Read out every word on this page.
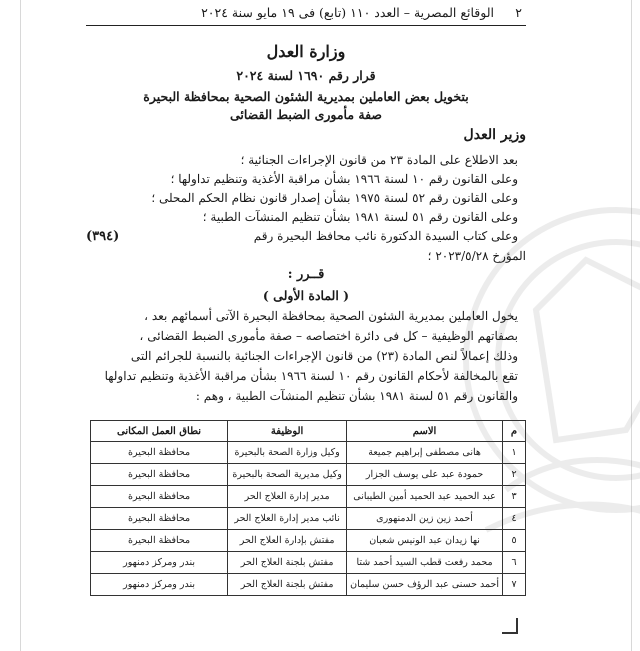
٢
الوقائع المصرية – العدد ١١٠ (تابع) فى ١٩ مايو سنة ٢٠٢٤
وزارة العدل
قرار رقم ١٦٩٠ لسنة ٢٠٢٤
بتخويل بعض العاملين بمديرية الشئون الصحية بمحافظة البحيرة
صفة مأمورى الضبط القضائى
وزير العدل
بعد الاطلاع على المادة ٢٣ من قانون الإجراءات الجنائية ؛
وعلى القانون رقم ١٠ لسنة ١٩٦٦ بشأن مراقبة الأغذية وتنظيم تداولها ؛
وعلى القانون رقم ٥٢ لسنة ١٩٧٥ بشأن إصدار قانون نظام الحكم المحلى ؛
وعلى القانون رقم ٥١ لسنة ١٩٨١ بشأن تنظيم المنشآت الطبية ؛
وعلى كتاب السيدة الدكتورة نائب محافظ البحيرة رقم
(٣٩٤)
المؤرخ ٢٠٢٣/٥/٢٨ ؛
قــرر :
( المادة الأولى )
يخول العاملين بمديرية الشئون الصحية بمحافظة البحيرة الآتى أسمائهم بعد ،
بصفاتهم الوظيفية – كل فى دائرة اختصاصه – صفة مأمورى الضبط القضائى ،
وذلك إعمالاً لنص المادة (٢٣) من قانون الإجراءات الجنائية بالنسبة للجرائم التى
تقع بالمخالفة لأحكام القانون رقم ١٠ لسنة ١٩٦٦ بشأن مراقبة الأغذية وتنظيم تداولها
والقانون رقم ٥١ لسنة ١٩٨١ بشأن تنظيم المنشآت الطبية ، وهم :
م	الاسم	الوظيفة	نطاق العمل المكانى
١	هانى مصطفى إبراهيم جميعة	وكيل وزارة الصحة بالبحيرة	محافظة البحيرة
٢	حمودة عبد على يوسف الجزار	وكيل مديرية الصحة بالبحيرة	محافظة البحيرة
٣	عبد الحميد عبد الحميد أمين الطيبانى	مدير إدارة العلاج الحر	محافظة البحيرة
٤	أحمد زين زين الدمنهورى	نائب مدير إدارة العلاج الحر	محافظة البحيرة
٥	نها زيدان عبد الونيس شعبان	مفتش بإدارة العلاج الحر	محافظة البحيرة
٦	محمد رفعت قطب السيد أحمد شتا	مفتش بلجنة العلاج الحر	بندر ومركز دمنهور
٧	أحمد حسنى عبد الرؤف حسن سليمان	مفتش بلجنة العلاج الحر	بندر ومركز دمنهور
